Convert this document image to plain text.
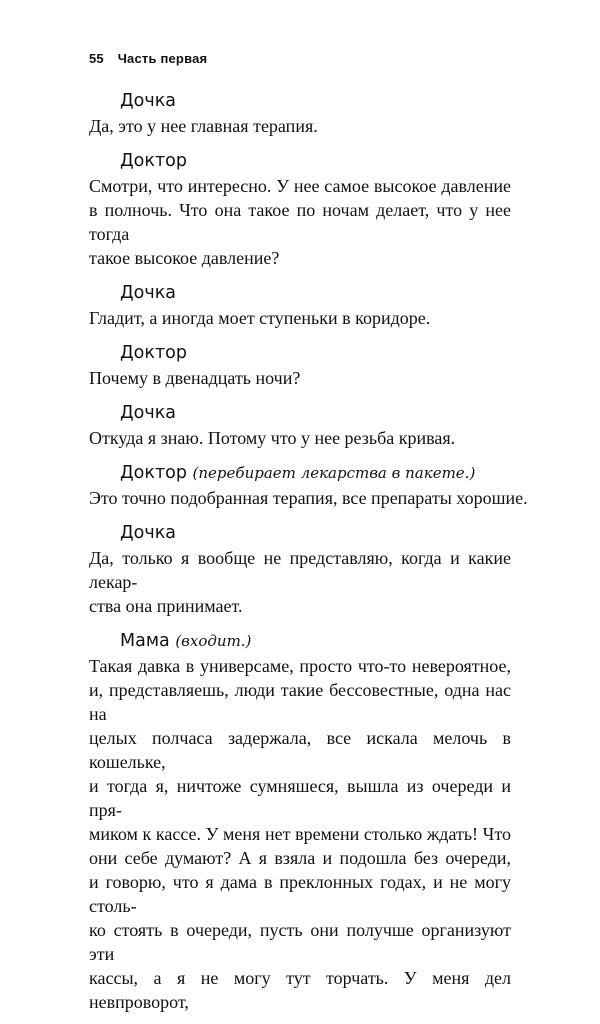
55 Часть первая
Дочка
Да, это у нее главная терапия.
Доктор
Смотри, что интересно. У нее самое высокое давление
в полночь. Что она такое по ночам делает, что у нее тогда
такое высокое давление?
Дочка
Гладит, а иногда моет ступеньки в коридоре.
Доктор
Почему в двенадцать ночи?
Дочка
Откуда я знаю. Потому что у нее резьба кривая.
Доктор (перебирает лекарства в пакете.)
Это точно подобранная терапия, все препараты хорошие.
Дочка
Да, только я вообще не представляю, когда и какие лекар-
ства она принимает.
Мама (входит.)
Такая давка в универсаме, просто что-то невероятное,
и, представляешь, люди такие бессовестные, одна нас на
целых полчаса задержала, все искала мелочь в кошельке,
и тогда я, ничтоже сумняшеся, вышла из очереди и пря-
миком к кассе. У меня нет времени столько ждать! Что
они себе думают? А я взяла и подошла без очереди,
и говорю, что я дама в преклонных годах, и не могу столь-
ко стоять в очереди, пусть они получше организуют эти
кассы, а я не могу тут торчать. У меня дел невпроворот,
